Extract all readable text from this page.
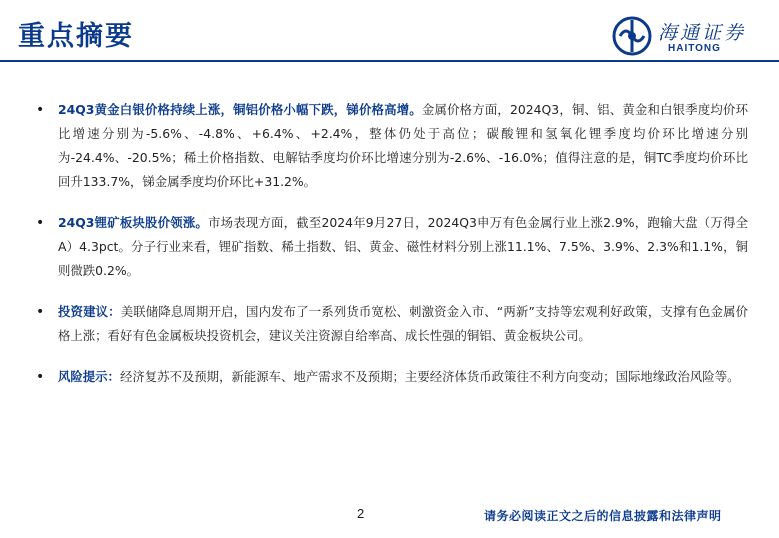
重点摘要	海通证券
HAITONG
• 24Q3黄金白银价格持续上涨，铜铝价格小幅下跌，锑价格高增。金属价格方面，2024Q3，铜、铝、黄金和白银季度均价环比增速分别为-5.6%、-4.8%、+6.4%、+2.4%，整体仍处于高位；碳酸锂和氢氧化锂季度均价环比增速分别为-24.4%、-20.5%；稀土价格指数、电解钴季度均价环比增速分别为-2.6%、-16.0%；值得注意的是，铜TC季度均价环比回升133.7%，锑金属季度均价环比+31.2%。
• 24Q3锂矿板块股价领涨。市场表现方面，截至2024年9月27日，2024Q3申万有色金属行业上涨2.9%，跑输大盘（万得全A）4.3pct。分子行业来看，锂矿指数、稀土指数、铝、黄金、磁性材料分别上涨11.1%、7.5%、3.9%、2.3%和1.1%，铜则微跌0.2%。
• 投资建议：美联储降息周期开启，国内发布了一系列货币宽松、刺激资金入市、“两新”支持等宏观利好政策，支撑有色金属价格上涨；看好有色金属板块投资机会，建议关注资源自给率高、成长性强的铜铝、黄金板块公司。
• 风险提示：经济复苏不及预期，新能源车、地产需求不及预期；主要经济体货币政策往不利方向变动；国际地缘政治风险等。
2	请务必阅读正文之后的信息披露和法律声明
